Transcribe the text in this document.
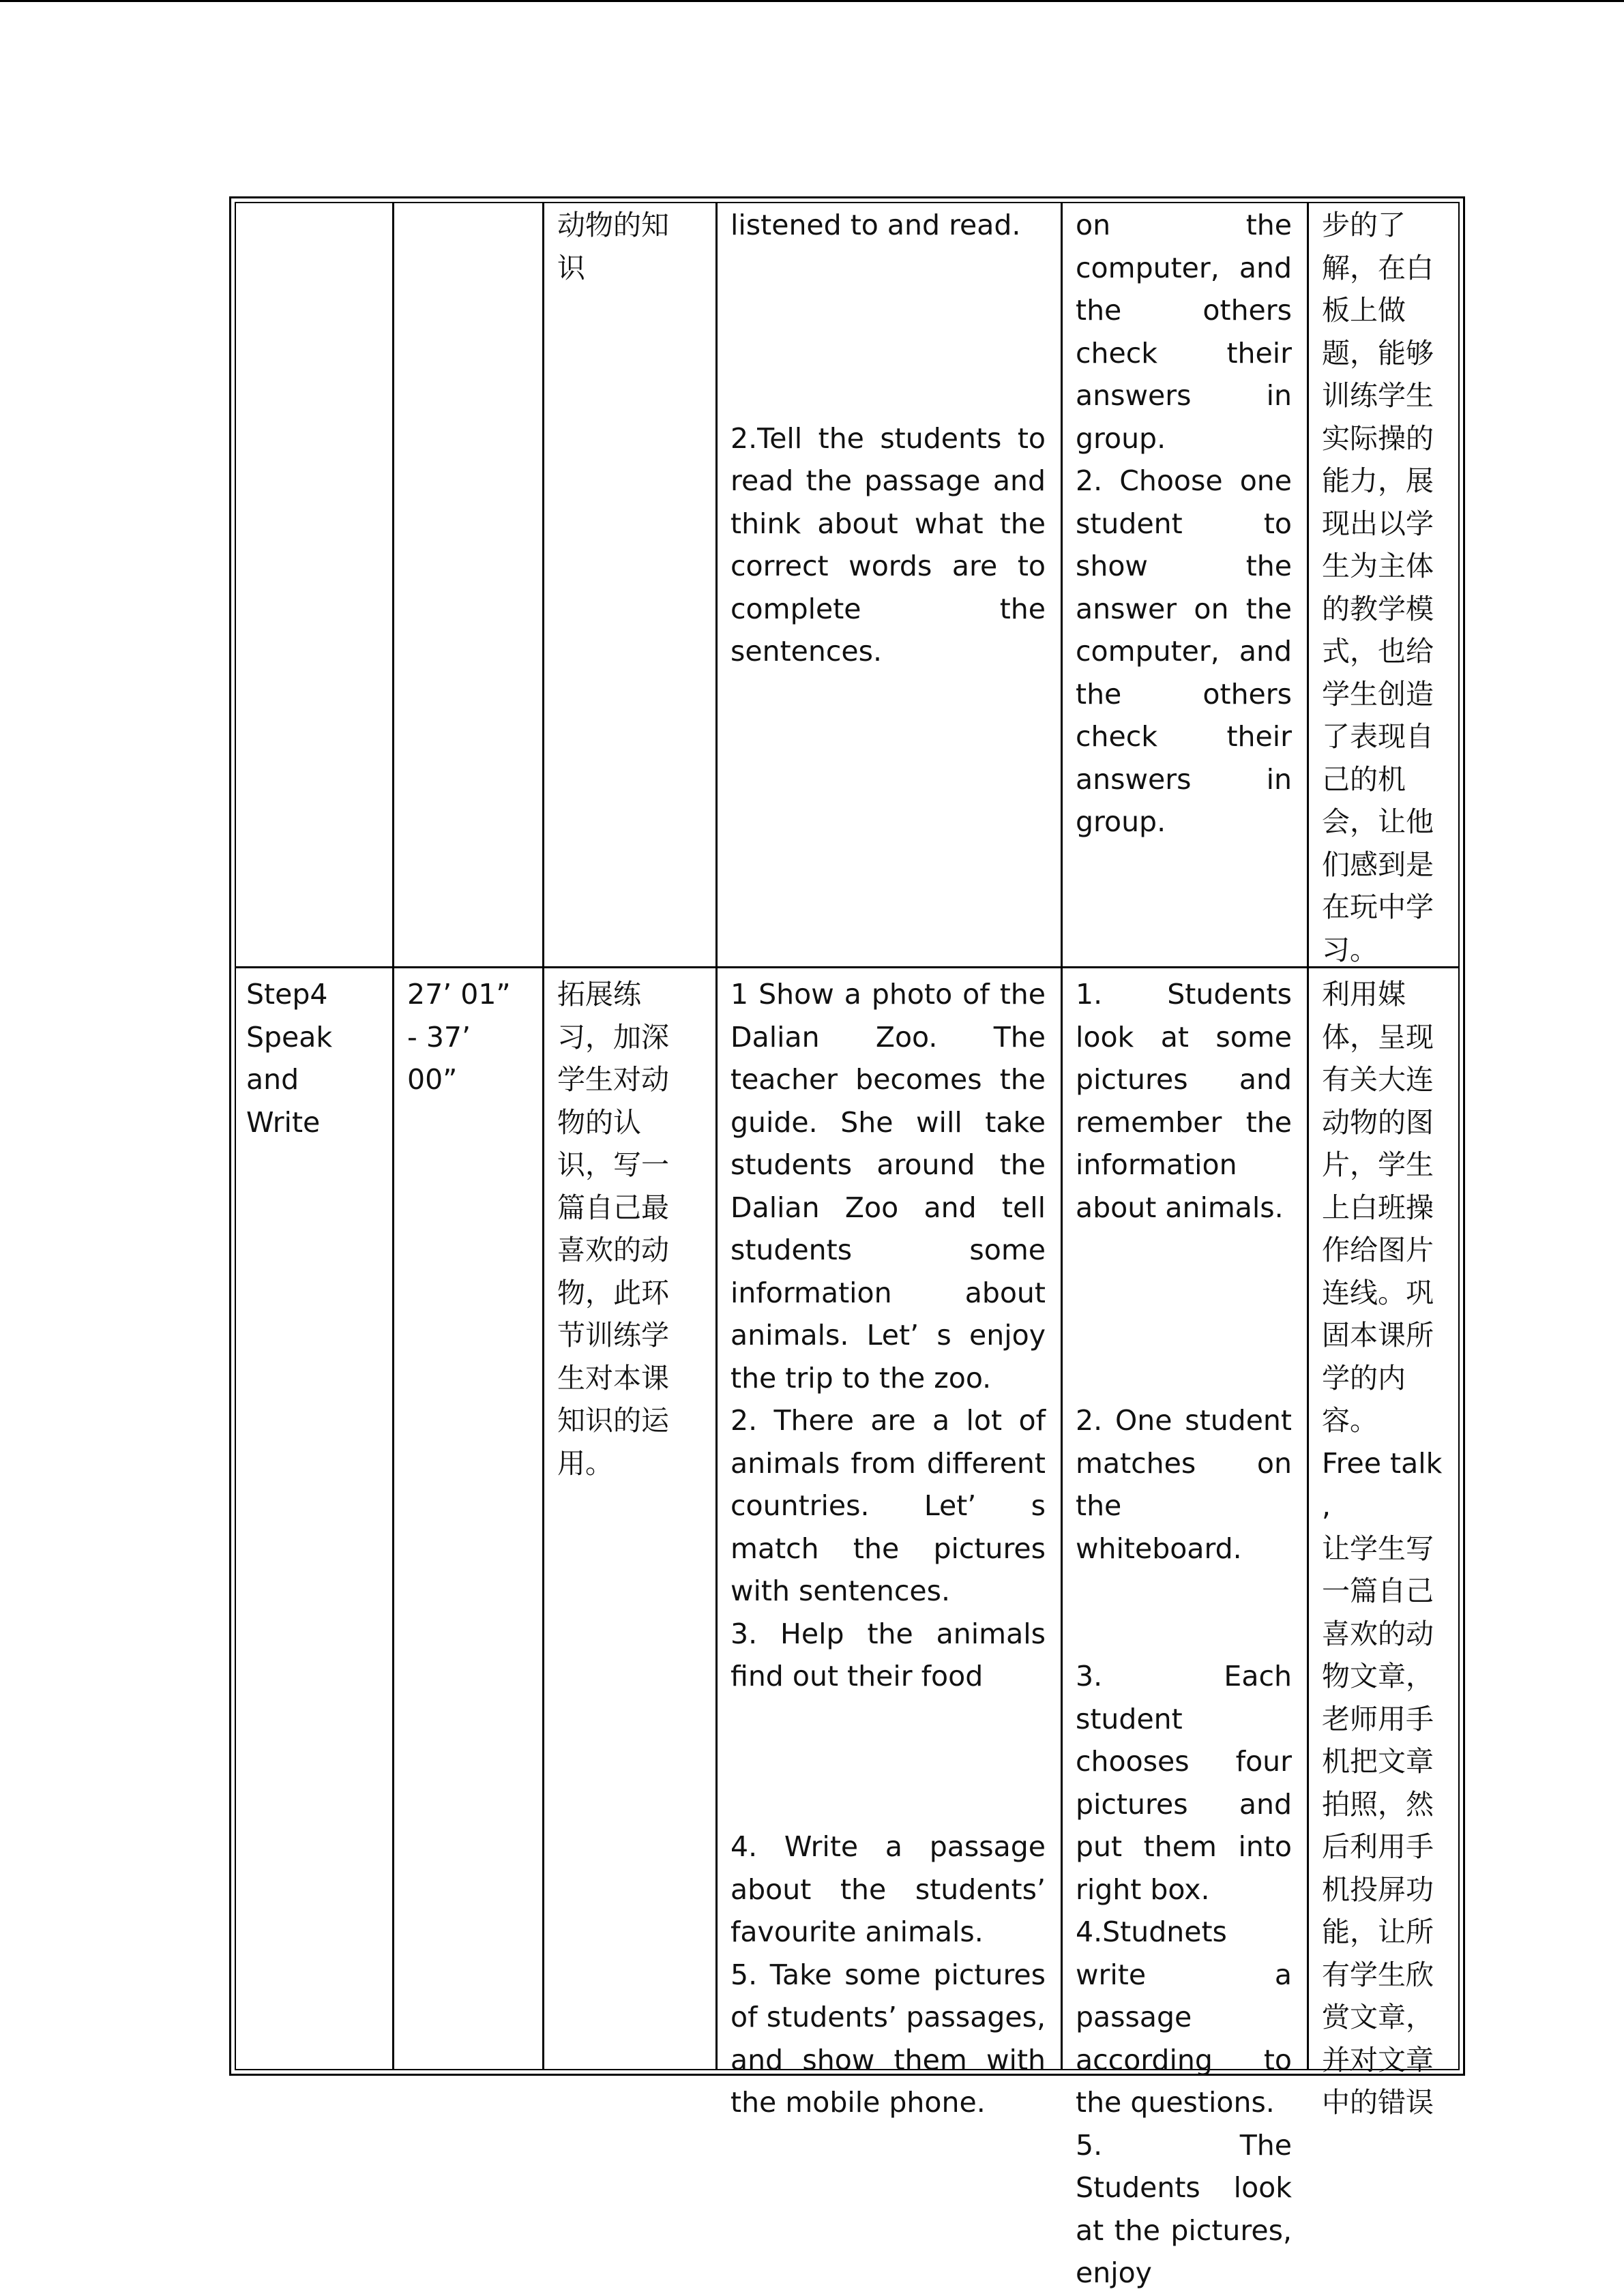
动物的知
识

listened to and read.

2.Tell the students to read the passage and think about what the correct words are to complete the sentences.

on the computer, and the others check their answers in group.

2. Choose one student to show the answer on the computer, and the others check their answers in group.

步的了
解，在白
板上做
题，能够
训练学生
实际操的
能力，展
现出以学
生为主体
的教学模
式，也给
学生创造
了表现自
己的机
会，让他
们感到是
在玩中学
习。

Step4
Speak and
Write

27’ 01”
- 37’
00”

拓展练
习，加深
学生对动
物的认
识，写一
篇自己最
喜欢的动
物，此环
节训练学
生对本课
知识的运
用。

1 Show a photo of the Dalian Zoo. The teacher becomes the guide. She will take students around the Dalian Zoo and tell students some information about animals. Let’ s enjoy the trip to the zoo.

2. There are a lot of animals from different countries. Let’ s match the pictures with sentences.

3. Help the animals find out their food

4. Write a passage about the students’ favourite animals.

5. Take some pictures of students’ passages, and show them with the mobile phone.

1. Students look at some pictures and remember the information about animals.

2. One student matches on the whiteboard.

3. Each student chooses four pictures and put them into right box.

4.Studnets write a passage according to the questions.

5. The Students look at the pictures, enjoy

利用媒
体，呈现
有关大连
动物的图
片，学生
上白班操
作给图片
连线。巩
固本课所
学的内
容。
Free talk ,
让学生写
一篇自己
喜欢的动
物文章，
老师用手
机把文章
拍照，然
后利用手
机投屏功
能，让所
有学生欣
赏文章，
并对文章
中的错误
